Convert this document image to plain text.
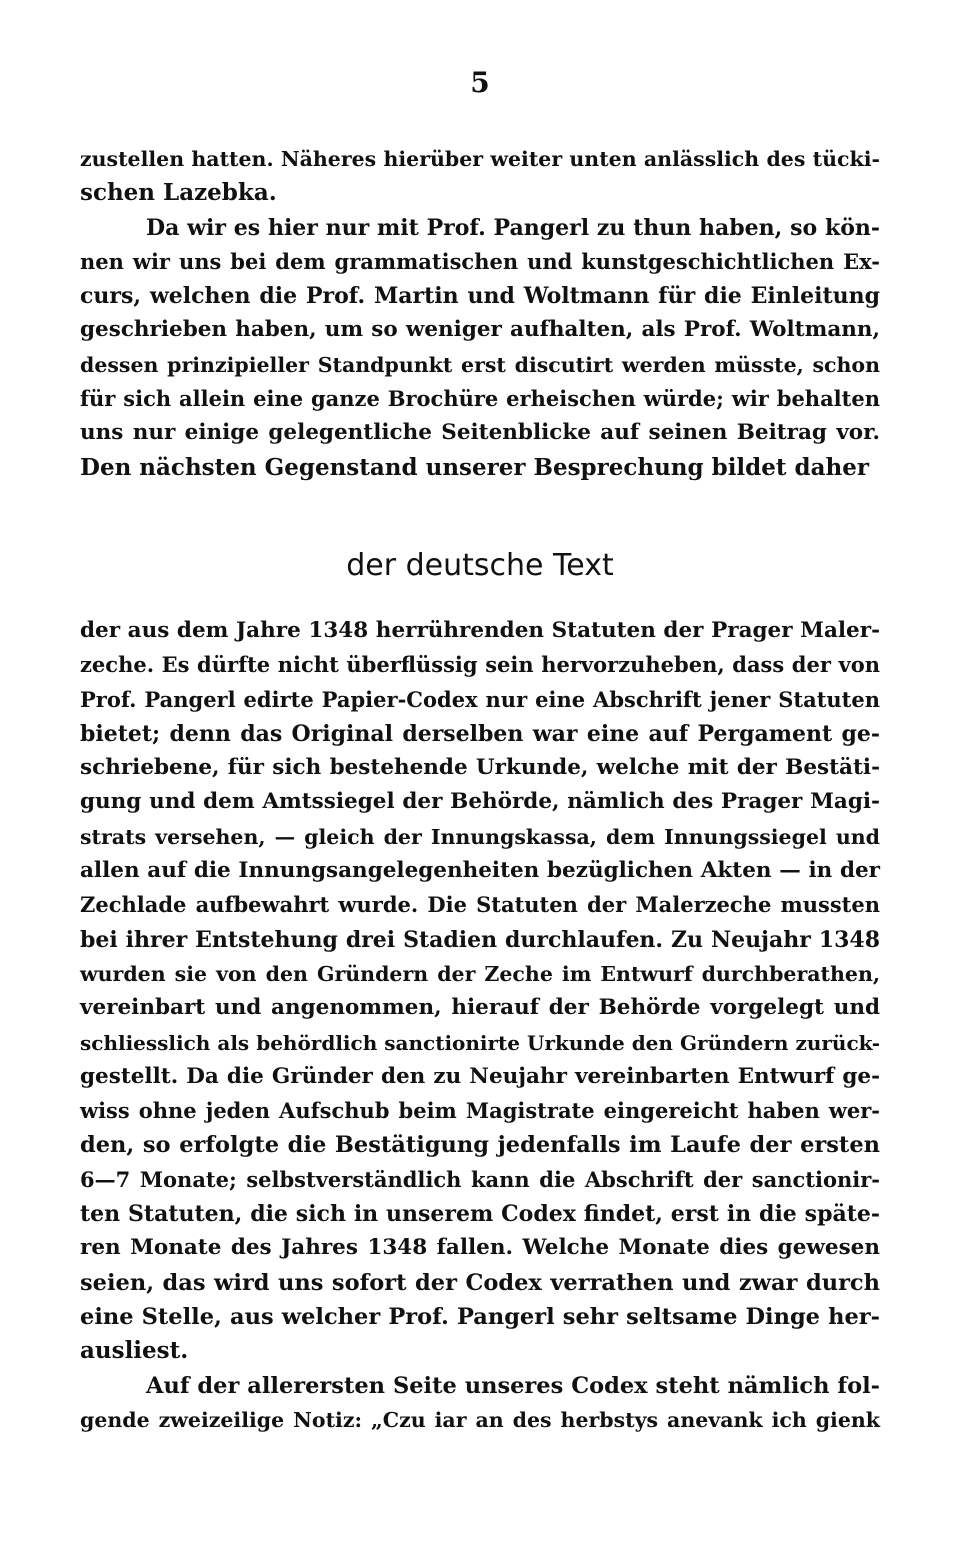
5
zustellen hatten. Näheres hierüber weiter unten anlässlich des tücki-
schen Lazebka.
Da wir es hier nur mit Prof. Pangerl zu thun haben, so kön-
nen wir uns bei dem grammatischen und kunstgeschichtlichen Ex-
curs, welchen die Prof. Martin und Woltmann für die Einleitung
geschrieben haben, um so weniger aufhalten, als Prof. Woltmann,
dessen prinzipieller Standpunkt erst discutirt werden müsste, schon
für sich allein eine ganze Brochüre erheischen würde; wir behalten
uns nur einige gelegentliche Seitenblicke auf seinen Beitrag vor.
Den nächsten Gegenstand unserer Besprechung bildet daher
der deutsche Text
der aus dem Jahre 1348 herrührenden Statuten der Prager Maler-
zeche. Es dürfte nicht überflüssig sein hervorzuheben, dass der von
Prof. Pangerl edirte Papier-Codex nur eine Abschrift jener Statuten
bietet; denn das Original derselben war eine auf Pergament ge-
schriebene, für sich bestehende Urkunde, welche mit der Bestäti-
gung und dem Amtssiegel der Behörde, nämlich des Prager Magi-
strats versehen, — gleich der Innungskassa, dem Innungssiegel und
allen auf die Innungsangelegenheiten bezüglichen Akten — in der
Zechlade aufbewahrt wurde. Die Statuten der Malerzeche mussten
bei ihrer Entstehung drei Stadien durchlaufen. Zu Neujahr 1348
wurden sie von den Gründern der Zeche im Entwurf durchberathen,
vereinbart und angenommen, hierauf der Behörde vorgelegt und
schliesslich als behördlich sanctionirte Urkunde den Gründern zurück-
gestellt. Da die Gründer den zu Neujahr vereinbarten Entwurf ge-
wiss ohne jeden Aufschub beim Magistrate eingereicht haben wer-
den, so erfolgte die Bestätigung jedenfalls im Laufe der ersten
6—7 Monate; selbstverständlich kann die Abschrift der sanctionir-
ten Statuten, die sich in unserem Codex findet, erst in die späte-
ren Monate des Jahres 1348 fallen. Welche Monate dies gewesen
seien, das wird uns sofort der Codex verrathen und zwar durch
eine Stelle, aus welcher Prof. Pangerl sehr seltsame Dinge her-
ausliest.
Auf der allerersten Seite unseres Codex steht nämlich fol-
gende zweizeilige Notiz: „Czu iar an des herbstys anevank ich gienk
